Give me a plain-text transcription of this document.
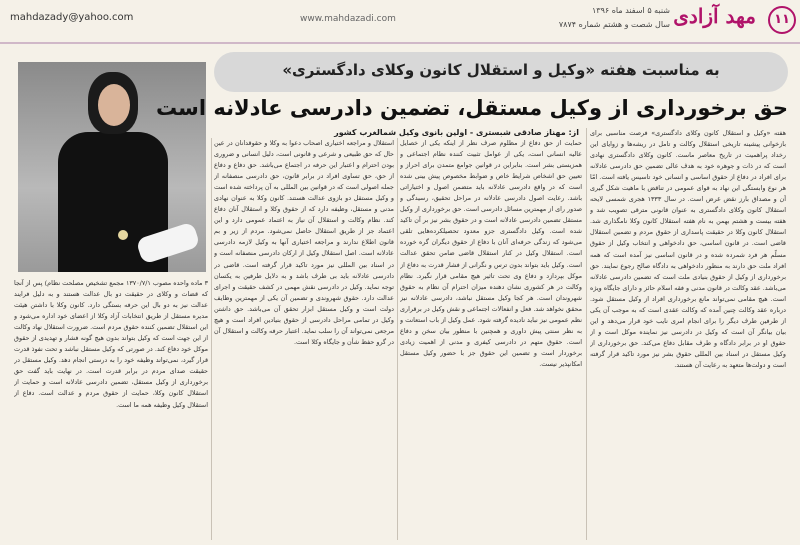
mahdazady@yahoo.com	www.mahdazadi.com
شنبه ۵ اسفند ماه ۱۳۹۶
سال شصت و هشتم شماره ۷۸۷۴ مهد آزادی	۱۱
به مناسبت هفته «وکیل و استقلال کانون وکلای دادگستری»
حق برخورداری از وکیل مستقل، تضمین دادرسی عادلانه است
از: مهناز صادقی شبستری - اولین بانوی وکیل شمالغرب کشور هفته «وکیل و استقلال کانون وکلای دادگستری» فرصت مناسبی برای بازخوانی پیشینه تاریخی استقلال وکالت و تامل در ریشه‌ها و زوایای این رخداد پراهمیت در تاریخ معاصر ماست. کانون وکلای دادگستری نهادی است که در ذات و جوهره خود به هدف عالی تضمین حق دادرسی عادلانه برای افراد در دفاع از حقوق اساسی و انسانی خود تاسیس یافته است. امّا هر نوع وابستگی این نهاد به قوای عمومی در تناقض با ماهیت شکل گیری آن و مصداق بارز نقض غرض است. در سال ۱۳۳۳ هجری شمسی لایحه استقلال کانون وکلای دادگستری به عنوان قانونی مترقی تصویب شد و هفته بیست و هشتم بهمن به نام هفته استقلال کانون وکلا نامگذاری شد. استقلال کانون وکلا در حقیقت پاسداری از حقوق مردم و تضمین استقلال قاضی است. در قانون اساسی، حق دادخواهی و انتخاب وکیل از حقوق مسلّم هر فرد شمرده شده و در قانون اساسی نیز آمده است که همه افراد ملت حق دارند به منظور دادخواهی به دادگاه صالح رجوع نمایند. حق برخورداری از وکیل از حقوق بنیادی ملت است که تضمین دادرسی عادلانه می‌باشد. عقد وکالت در قانون مدنی و فقه اسلام حائز و دارای جایگاه ویژه است. هیچ مقامی نمی‌تواند مانع برخورداری افراد از وکیل مستقل شود. درباره عقد وکالت چنین آمده که وکالت عقدی است که به موجب آن یکی از طرفین طرف دیگر را برای انجام امری نایب خود قرار می‌دهد و این بیان بیانگر آن است که وکیل در دادرسی نیز نماینده موکل است و از حقوق او در برابر دادگاه و طرف مقابل دفاع می‌کند. حق برخورداری از وکیل مستقل در اسناد بین المللی حقوق بشر نیز مورد تاکید قرار گرفته است و دولت‌ها متعهد به رعایت آن هستند.

حمایت از حق دفاع از مظلوم صرف نظر از اینکه یکی از خصایل عالیه انسانی است، یکی از عوامل تثبیت کننده نظام اجتماعی و همزیستی بشر است. بنابراین در قوانین جوامع متمدن برای احراز و تعیین حق اشخاص شرایط خاص و ضوابط مخصوص پیش بینی شده است که در واقع دادرسی عادلانه باید متضمن اصول و اختیاراتی باشد. رعایت اصول دادرسی عادلانه در مراحل تحقیق، رسیدگی و صدور رای از مهمترین مسائل دادرسی است. حق برخورداری از وکیل مستقل تضمین دادرسی عادلانه است و در حقوق بشر نیز بر آن تاکید شده است. وکیل دادگستری جزو معدود تحصیلکرده‌هایی تلقی می‌شود که زندگی حرفه‌ای آنان با دفاع از حقوق دیگران گره خورده است. استقلال وکیل در کنار استقلال قاضی ضامن تحقق عدالت است. وکیل باید بتواند بدون ترس و نگرانی از فشار قدرت به دفاع از موکل بپردازد و دفاع وی تحت تاثیر هیچ مقامی قرار نگیرد. نظام وکالت در هر کشوری نشان دهنده میزان احترام آن نظام به حقوق شهروندان است. هر کجا وکیل مستقل نباشد، دادرسی عادلانه نیز محقق نخواهد شد. فعل و انفعالات اجتماعی و نقش وکیل در برقراری نظم عمومی نیز نباید نادیده گرفته شود. عمل وکیل از باب استعانت و به نظر سنتی پیش داوری و همچنین با منظور بیان سخن و دفاع است. حقوق متهم در دادرسی کیفری و مدنی از اهمیت زیادی برخوردار است و تضمین این حقوق جز با حضور وکیل مستقل امکانپذیر نیست.

استقلال و مراجعه اختیاری اصحاب دعوا به وکلا و حقوقدانان در عین حال که حق طبیعی و شرعی و قانونی است، دلیل انسانی و ضروری بودن احترام و اعتبار این حرفه در اجتماع می‌باشد. حق دفاع و دفاع از حق، حق تساوی افراد در برابر قانون، حق دادرسی منصفانه از جمله اصولی است که در قوانین بین المللی به آن پرداخته شده است و وکیل مستقل دو بازوی عدالت هستند. کانون وکلا به عنوان نهادی مدنی و مستقل، وظیفه دارد که از حقوق وکلا و استقلال آنان دفاع کند. نظام وکالت و استقلال آن نیاز به اعتماد عمومی دارد و این اعتماد جز از طریق استقلال حاصل نمی‌شود. مردم از زیر و بم قانون اطلاع ندارند و مراجعه اختیاری آنها به وکیل لازمه دادرسی عادلانه است. اصل استقلال وکیل از ارکان دادرسی منصفانه است و در اسناد بین المللی نیز مورد تاکید قرار گرفته است. قاضی در دادرسی عادلانه باید بی طرف باشد و به دلایل طرفین به یکسان توجه نماید. وکیل در دادرسی نقش مهمی در کشف حقیقت و اجرای عدالت دارد. حقوق شهروندی و تضمین آن یکی از مهمترین وظایف دولت است و وکیل مستقل ابزار تحقق آن می‌باشد. حق داشتن وکیل در تمامی مراحل دادرسی از حقوق بنیادین افراد است و هیچ مرجعی نمی‌تواند آن را سلب نماید. اعتبار حرفه وکالت و استقلال آن در گرو حفظ شأن و جایگاه وکلا است.

۳ ماده واحده مصوب ۱۳۷۰/۷/۱ مجمع تشخیص مصلحت نظام) پس از آنجا که قضات و وکلای در حقیقت دو بال عدالت هستند و به دلیل فرایند عدالت نیز به دو بال این حرفه بستگی دارد. کانون وکلا با داشتن هیئت مدیره مستقل از طریق انتخابات آزاد وکلا از اعضای خود اداره می‌شود و این استقلال تضمین کننده حقوق مردم است. ضرورت استقلال نهاد وکالت از این جهت است که وکیل بتواند بدون هیچ گونه فشار و تهدیدی از حقوق موکل خود دفاع کند. در صورتی که وکیل مستقل نباشد و تحت نفوذ قدرت قرار گیرد، نمی‌تواند وظیفه خود را به درستی انجام دهد. وکیل مستقل در حقیقت صدای مردم در برابر قدرت است. در نهایت باید گفت حق برخورداری از وکیل مستقل، تضمین دادرسی عادلانه است و حمایت از استقلال کانون وکلا، حمایت از حقوق مردم و عدالت است. دفاع از استقلال وکیل وظیفه همه ما است.
